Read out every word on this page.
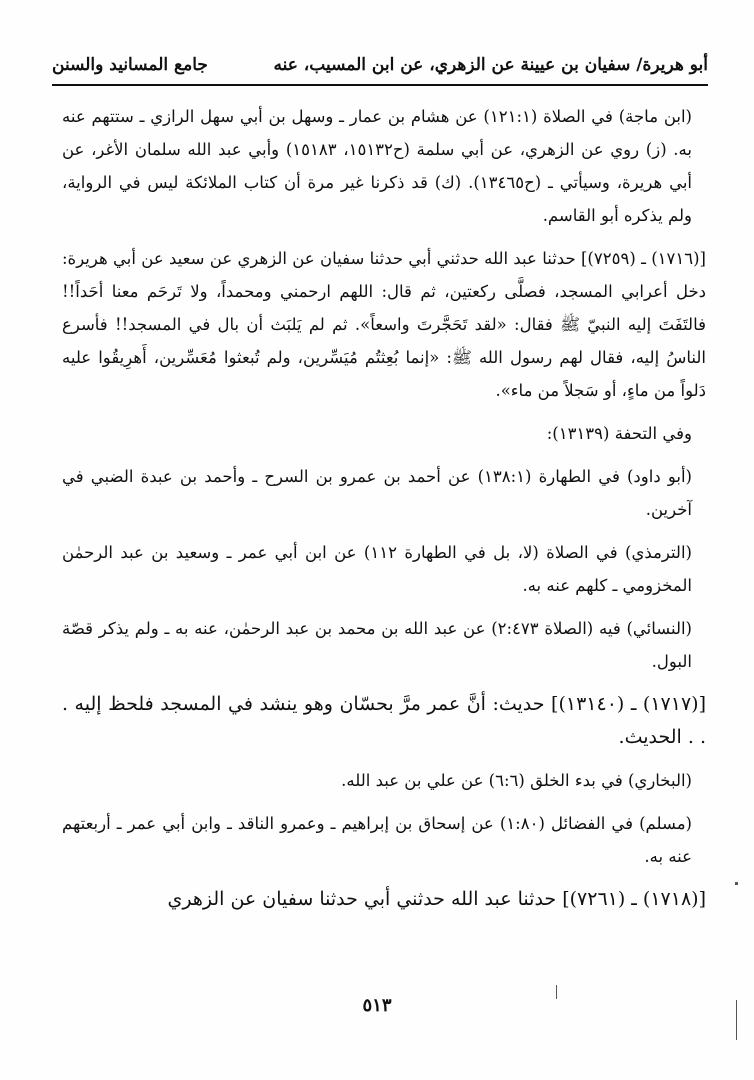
أبو هريرة/ سفيان بن عيينة عن الزهري، عن ابن المسيب، عنه
جامع المسانيد والسنن

(ابن ماجة) في الصلاة (١٢١:١) عن هشام بن عمار ـ وسهل بن أبي سهل الرازي ـ ستتهم عنه به. (ز) روي عن الزهري، عن أبي سلمة (ح١٥١٣٢، ١٥١٨٣) وأبي عبد الله سلمان الأغر، عن أبي هريرة، وسيأتي ـ (ح١٣٤٦٥). (ك) قد ذكرنا غير مرة أن كتاب الملائكة ليس في الرواية، ولم يذكره أبو القاسم.

[(١٧١٦) ـ (٧٢٥٩)] حدثنا عبد الله حدثني أبي حدثنا سفيان عن الزهري عن سعيد عن أبي هريرة: دخل أعرابي المسجد، فصلَّى ركعتين، ثم قال: اللهم ارحمني ومحمداً، ولا تَرحَم معنا أحَداً!! فالتَفَتَ إليه النبيّ ﷺ فقال: «لقد تَحَجَّرتَ واسعاً». ثم لم يَلبَث أن بال في المسجد!! فأسرع الناسُ إليه، فقال لهم رسول الله ﷺ: «إنما بُعِثتُم مُيَسِّرين، ولم تُبعثوا مُعَسِّرين، أَهرِيقُوا عليه دَلواً من ماءٍ، أو سَجلاً من ماء».

وفي التحفة (١٣١٣٩):

(أبو داود) في الطهارة (١٣٨:١) عن أحمد بن عمرو بن السرح ـ وأحمد بن عبدة الضبي في آخرين.

(الترمذي) في الصلاة (لا، بل في الطهارة ١١٢) عن ابن أبي عمر ـ وسعيد بن عبد الرحمٰن المخزومي ـ كلهم عنه به.

(النسائي) فيه (الصلاة ٢:٤٧٣) عن عبد الله بن محمد بن عبد الرحمٰن، عنه به ـ ولم يذكر قصّة البول.

[(١٧١٧) ـ (١٣١٤٠)] حديث: أنَّ عمر مرَّ بحسّان وهو ينشد في المسجد فلحظ إليه . . . الحديث.

(البخاري) في بدء الخلق (٦:٦) عن علي بن عبد الله.

(مسلم) في الفضائل (١:٨٠) عن إسحاق بن إبراهيم ـ وعمرو الناقد ـ وابن أبي عمر ـ أربعتهم عنه به.

[(١٧١٨) ـ (٧٢٦١)] حدثنا عبد الله حدثني أبي حدثنا سفيان عن الزهري

٥١٣
